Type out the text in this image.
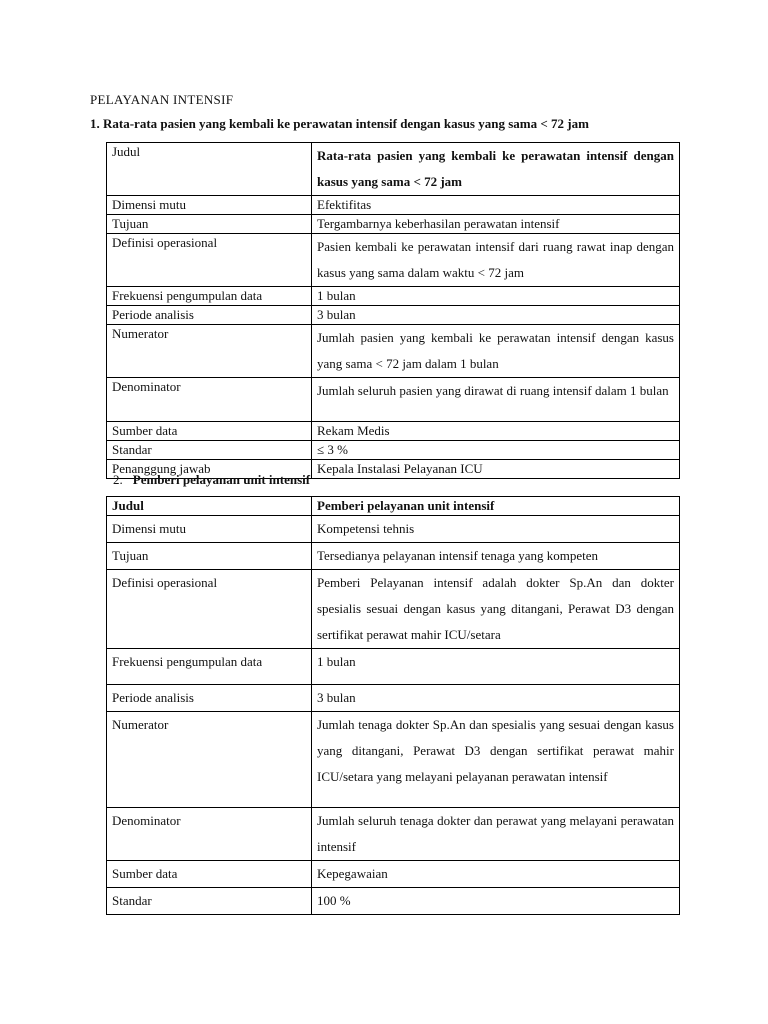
PELAYANAN INTENSIF
1. Rata-rata pasien yang kembali ke perawatan intensif dengan kasus yang sama < 72 jam
Judul	Rata-rata pasien yang kembali ke perawatan intensif dengan kasus yang sama < 72 jam
Dimensi mutu	Efektifitas
Tujuan	Tergambarnya keberhasilan perawatan intensif
Definisi operasional	Pasien kembali ke perawatan intensif dari ruang rawat inap dengan kasus yang sama dalam waktu < 72 jam
Frekuensi pengumpulan data	1 bulan
Periode analisis	3 bulan
Numerator	Jumlah pasien yang kembali ke perawatan intensif dengan kasus yang sama < 72 jam dalam 1 bulan
Denominator	Jumlah seluruh pasien yang dirawat di ruang intensif dalam 1 bulan
Sumber data	Rekam Medis
Standar	≤ 3 %
Penanggung jawab	Kepala Instalasi Pelayanan ICU
2. Pemberi pelayanan unit intensif
Judul	Pemberi pelayanan unit intensif
Dimensi mutu	Kompetensi tehnis
Tujuan	Tersedianya pelayanan intensif tenaga yang kompeten
Definisi operasional	Pemberi Pelayanan intensif adalah dokter Sp.An dan dokter spesialis sesuai dengan kasus yang ditangani, Perawat D3 dengan sertifikat perawat mahir ICU/setara
Frekuensi pengumpulan data	1 bulan
Periode analisis	3 bulan
Numerator	Jumlah tenaga dokter Sp.An dan spesialis yang sesuai dengan kasus yang ditangani, Perawat D3 dengan sertifikat perawat mahir ICU/setara yang melayani pelayanan perawatan intensif
Denominator	Jumlah seluruh tenaga dokter dan perawat yang melayani perawatan intensif
Sumber data	Kepegawaian
Standar	100 %
